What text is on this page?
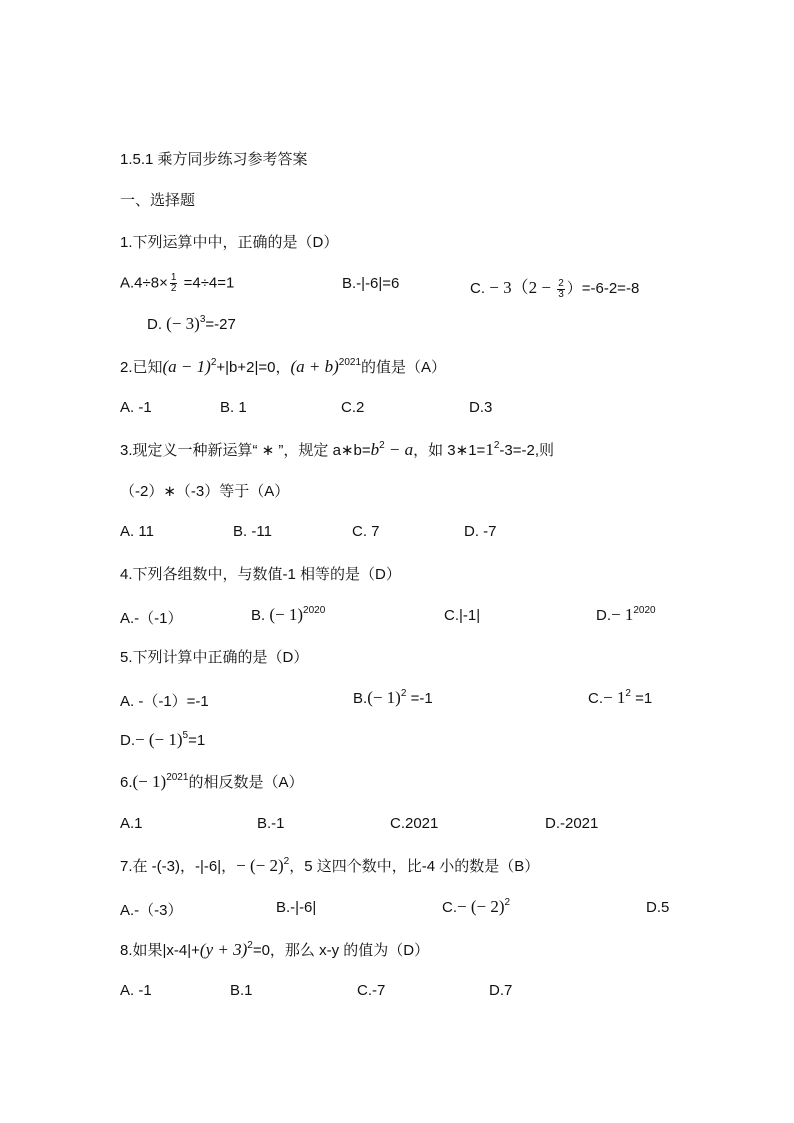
1.5.1 乘方同步练习参考答案
一、选择题
1.下列运算中中，正确的是（D）
$A.4\div 8\times \frac{1}{2} =4\div 4=1$	B.-|-6|=6	C. − $3(2 - \frac{2}{3} )=-6-2=-8$
D. (− 3)$^3$=-27
2.已知$(a - 1)^2+|b+2|=0$，$(a + b)^{2021}$的值是（A）
A. -1	B. 1	C.2	D.3
3.现定义一种新运算“ ∗ ”，规定 $a∗b=b^2 - a$，如 $3∗1=1^2-3=-2$,则
（-2）∗（-3）等于（A）
A. 11	B. -11	C. 7	D. -7
4.下列各组数中，与数值-1 相等的是（D）
A.-（-1）	B. (− 1)$^{2020}$	C.|-1|	$D.- 1^{2020}$
5.下列计算中正确的是（D）
A. -（-1）=-1	$B.(- 1)^2 =-1$	$C.- 1^2 =1$
D.− (− 1)$^5$=1
$6.(- 1)^{2021}$的相反数是（A）
A.1	B.-1	C.2021	D.-2021
7.在 -(-3)，-|-6|，− (− 2)$^2$，5 这四个数中，比-4 小的数是（B）
A.-（-3）	B.-|-6|	C.− (− 2)$^2$	D.5
8.如果$|x-4|+(y + 3)^2=0$，那么 x-y 的值为（D）
A. -1	B.1	C.-7	D.7
